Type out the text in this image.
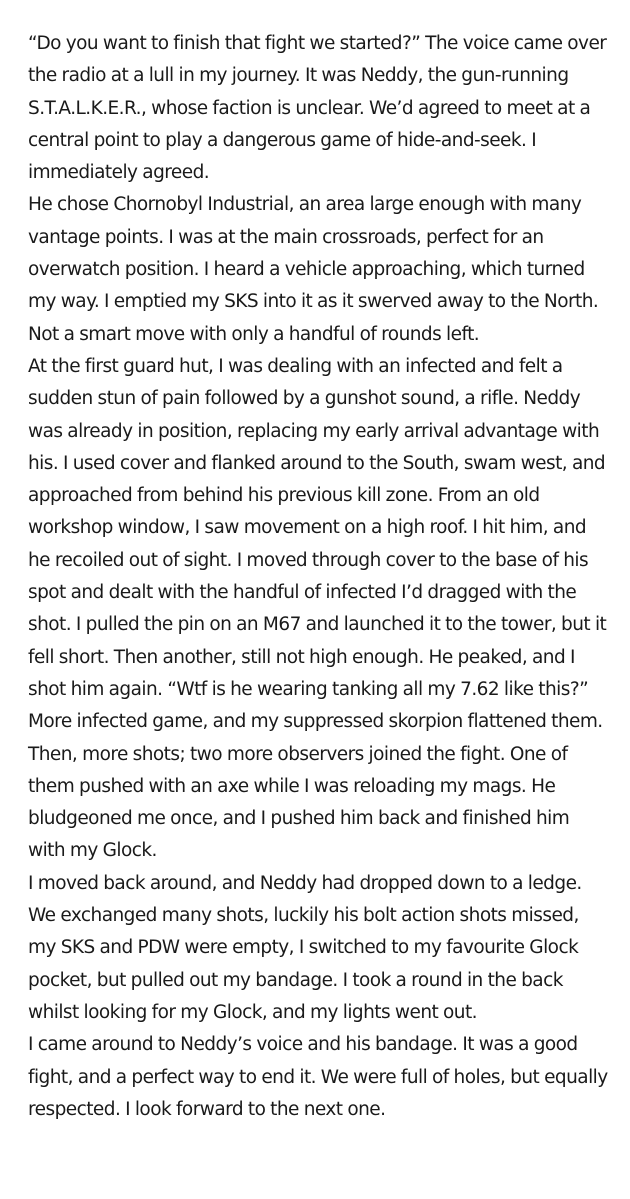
“Do you want to finish that fight we started?” The voice came over the radio at a lull in my journey. It was Neddy, the gun-running S.T.A.L.K.E.R., whose faction is unclear. We’d agreed to meet at a central point to play a dangerous game of hide-and-seek. I immediately agreed.

He chose Chornobyl Industrial, an area large enough with many vantage points. I was at the main crossroads, perfect for an overwatch position. I heard a vehicle approaching, which turned my way. I emptied my SKS into it as it swerved away to the North. Not a smart move with only a handful of rounds left.

At the first guard hut, I was dealing with an infected and felt a sudden stun of pain followed by a gunshot sound, a rifle. Neddy was already in position, replacing my early arrival advantage with his. I used cover and flanked around to the South, swam west, and approached from behind his previous kill zone. From an old workshop window, I saw movement on a high roof. I hit him, and he recoiled out of sight. I moved through cover to the base of his spot and dealt with the handful of infected I’d dragged with the shot. I pulled the pin on an M67 and launched it to the tower, but it fell short. Then another, still not high enough. He peaked, and I shot him again. “Wtf is he wearing tanking all my 7.62 like this?”

More infected game, and my suppressed skorpion flattened them. Then, more shots; two more observers joined the fight. One of them pushed with an axe while I was reloading my mags. He bludgeoned me once, and I pushed him back and finished him with my Glock.

I moved back around, and Neddy had dropped down to a ledge. We exchanged many shots, luckily his bolt action shots missed, my SKS and PDW were empty, I switched to my favourite Glock pocket, but pulled out my bandage. I took a round in the back whilst looking for my Glock, and my lights went out.

I came around to Neddy’s voice and his bandage. It was a good fight, and a perfect way to end it. We were full of holes, but equally respected. I look forward to the next one.
